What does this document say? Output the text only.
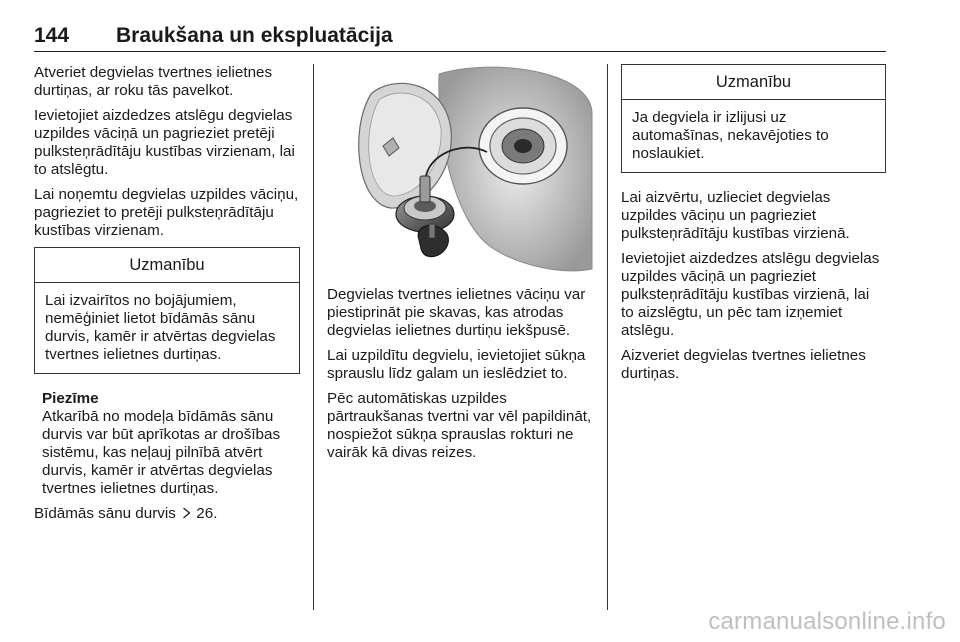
144 Braukšana un ekspluatācija

Atveriet degvielas tvertnes ielietnes durtiņas, ar roku tās pavelkot.

Ievietojiet aizdedzes atslēgu degvielas uzpildes vāciņā un pagrieziet pretēji pulksteņrādītāju kustības virzienam, lai to atslēgtu.

Lai noņemtu degvielas uzpildes vāciņu, pagrieziet to pretēji pulksteņrādītāju kustības virzienam.

Uzmanību
Lai izvairītos no bojājumiem, nemēģiniet lietot bīdāmās sānu durvis, kamēr ir atvērtas degvielas tvertnes ielietnes durtiņas.
Piezīme
Atkarībā no modeļa bīdāmās sānu durvis var būt aprīkotas ar drošības sistēmu, kas neļauj pilnībā atvērt durvis, kamēr ir atvērtas degvielas tvertnes ielietnes durtiņas.

Bīdāmās sānu durvis 26.

Degvielas tvertnes ielietnes vāciņu var piestiprināt pie skavas, kas atrodas degvielas ielietnes durtiņu iekšpusē.

Lai uzpildītu degvielu, ievietojiet sūkņa sprauslu līdz galam un ieslēdziet to.

Pēc automātiskas uzpildes pārtraukšanas tvertni var vēl papildināt, nospiežot sūkņa sprauslas rokturi ne vairāk kā divas reizes.

Uzmanību
Ja degviela ir izlijusi uz automašīnas, nekavējoties to noslaukiet.

Lai aizvērtu, uzlieciet degvielas uzpildes vāciņu un pagrieziet pulksteņrādītāju kustības virzienā.

Ievietojiet aizdedzes atslēgu degvielas uzpildes vāciņā un pagrieziet pulksteņrādītāju kustības virzienā, lai to aizslēgtu, un pēc tam izņemiet atslēgu.

Aizveriet degvielas tvertnes ielietnes durtiņas.

carmanualsonline.info
